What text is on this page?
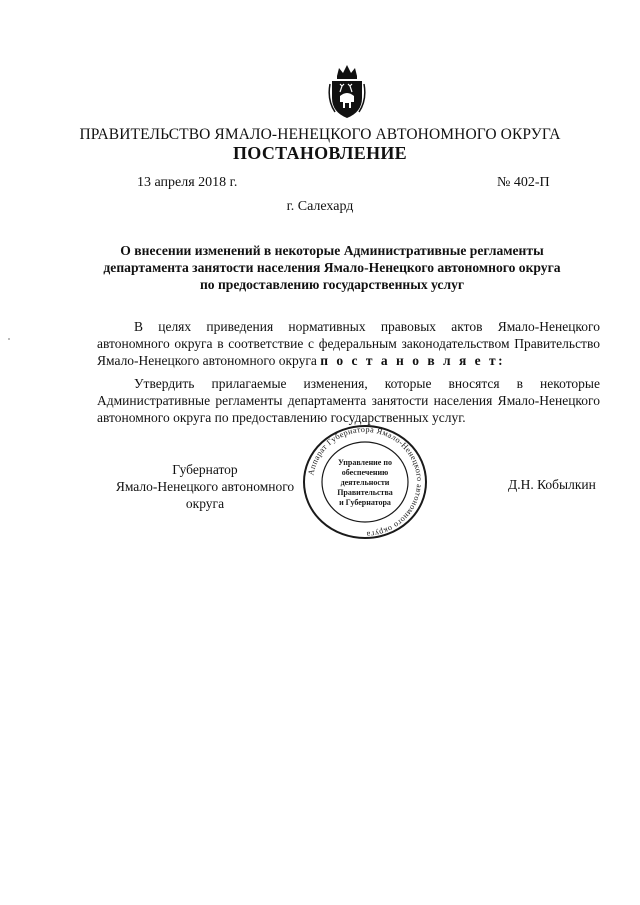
ПРАВИТЕЛЬСТВО ЯМАЛО-НЕНЕЦКОГО АВТОНОМНОГО ОКРУГА
ПОСТАНОВЛЕНИЕ
13 апреля 2018 г.	№ 402-П
г. Салехард
О внесении изменений в некоторые Административные регламенты
департамента занятости населения Ямало-Ненецкого автономного округа
по предоставлению государственных услуг
В целях приведения нормативных правовых актов Ямало-Ненецкого автономного округа в соответствие с федеральным законодательством Правительство Ямало-Ненецкого автономного округа п о с т а н о в л я е т:
Утвердить прилагаемые изменения, которые вносятся в некоторые Административные регламенты департамента занятости населения Ямало-Ненецкого автономного округа по предоставлению государственных услуг.
Губернатор
Ямало-Ненецкого автономного округа
Д.Н. Кобылкин
Аппарат Губернатора Ямало-Ненецкого автономного округа
Управление по
обеспечению
деятельности
Правительства
и Губернатора
